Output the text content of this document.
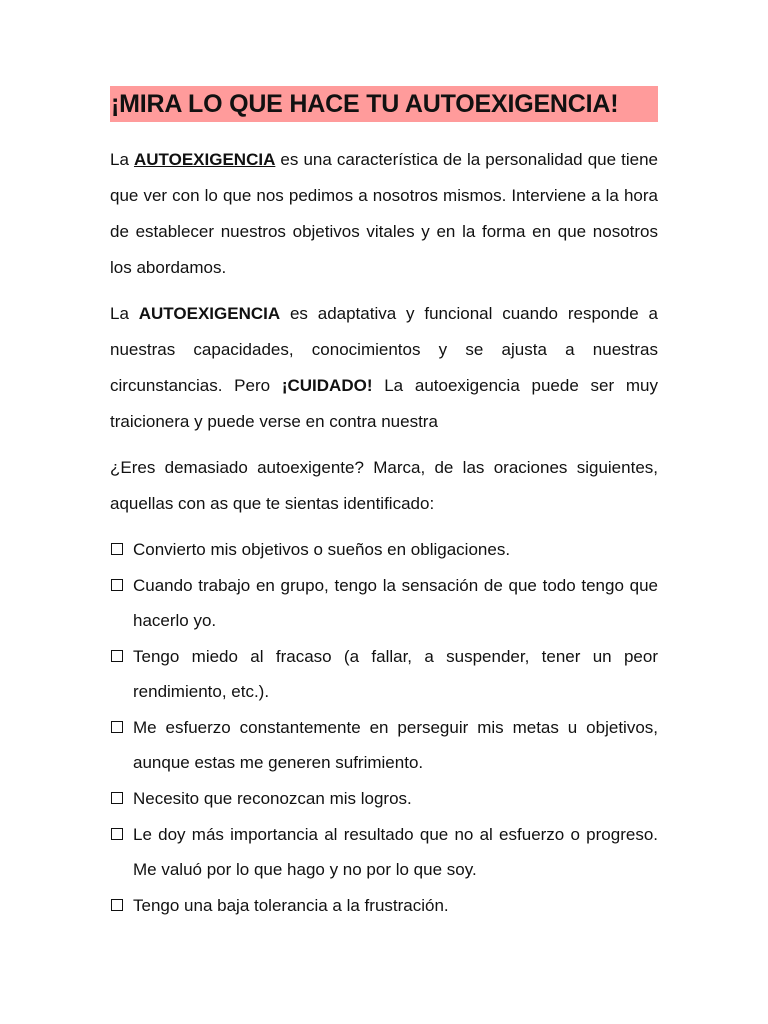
¡MIRA LO QUE HACE TU AUTOEXIGENCIA!

La AUTOEXIGENCIA es una característica de la personalidad que tiene que ver con lo que nos pedimos a nosotros mismos. Interviene a la hora de establecer nuestros objetivos vitales y en la forma en que nosotros los abordamos.

La AUTOEXIGENCIA es adaptativa y funcional cuando responde a nuestras capacidades, conocimientos y se ajusta a nuestras circunstancias. Pero ¡CUIDADO! La autoexigencia puede ser muy traicionera y puede verse en contra nuestra

¿Eres demasiado autoexigente? Marca, de las oraciones siguientes, aquellas con as que te sientas identificado:

Convierto mis objetivos o sueños en obligaciones.
Cuando trabajo en grupo, tengo la sensación de que todo tengo que hacerlo yo.
Tengo miedo al fracaso (a fallar, a suspender, tener un peor rendimiento, etc.).
Me esfuerzo constantemente en perseguir mis metas u objetivos, aunque estas me generen sufrimiento.
Necesito que reconozcan mis logros.
Le doy más importancia al resultado que no al esfuerzo o progreso. Me valuó por lo que hago y no por lo que soy.
Tengo una baja tolerancia a la frustración.
